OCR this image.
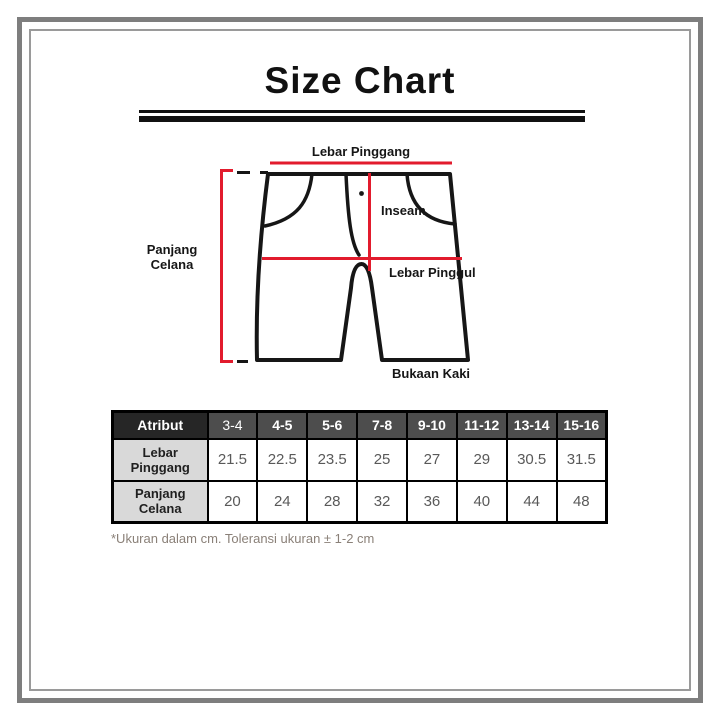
Size Chart
Lebar Pinggang
Panjang
Celana
Inseam
Lebar Pinggul
Bukaan Kaki
Atribut	3-4	4-5	5-6	7-8	9-10	11-12	13-14	15-16
Lebar Pinggang	21.5	22.5	23.5	25	27	29	30.5	31.5
Panjang Celana	20	24	28	32	36	40	44	48
*Ukuran dalam cm. Toleransi ukuran ± 1-2 cm
